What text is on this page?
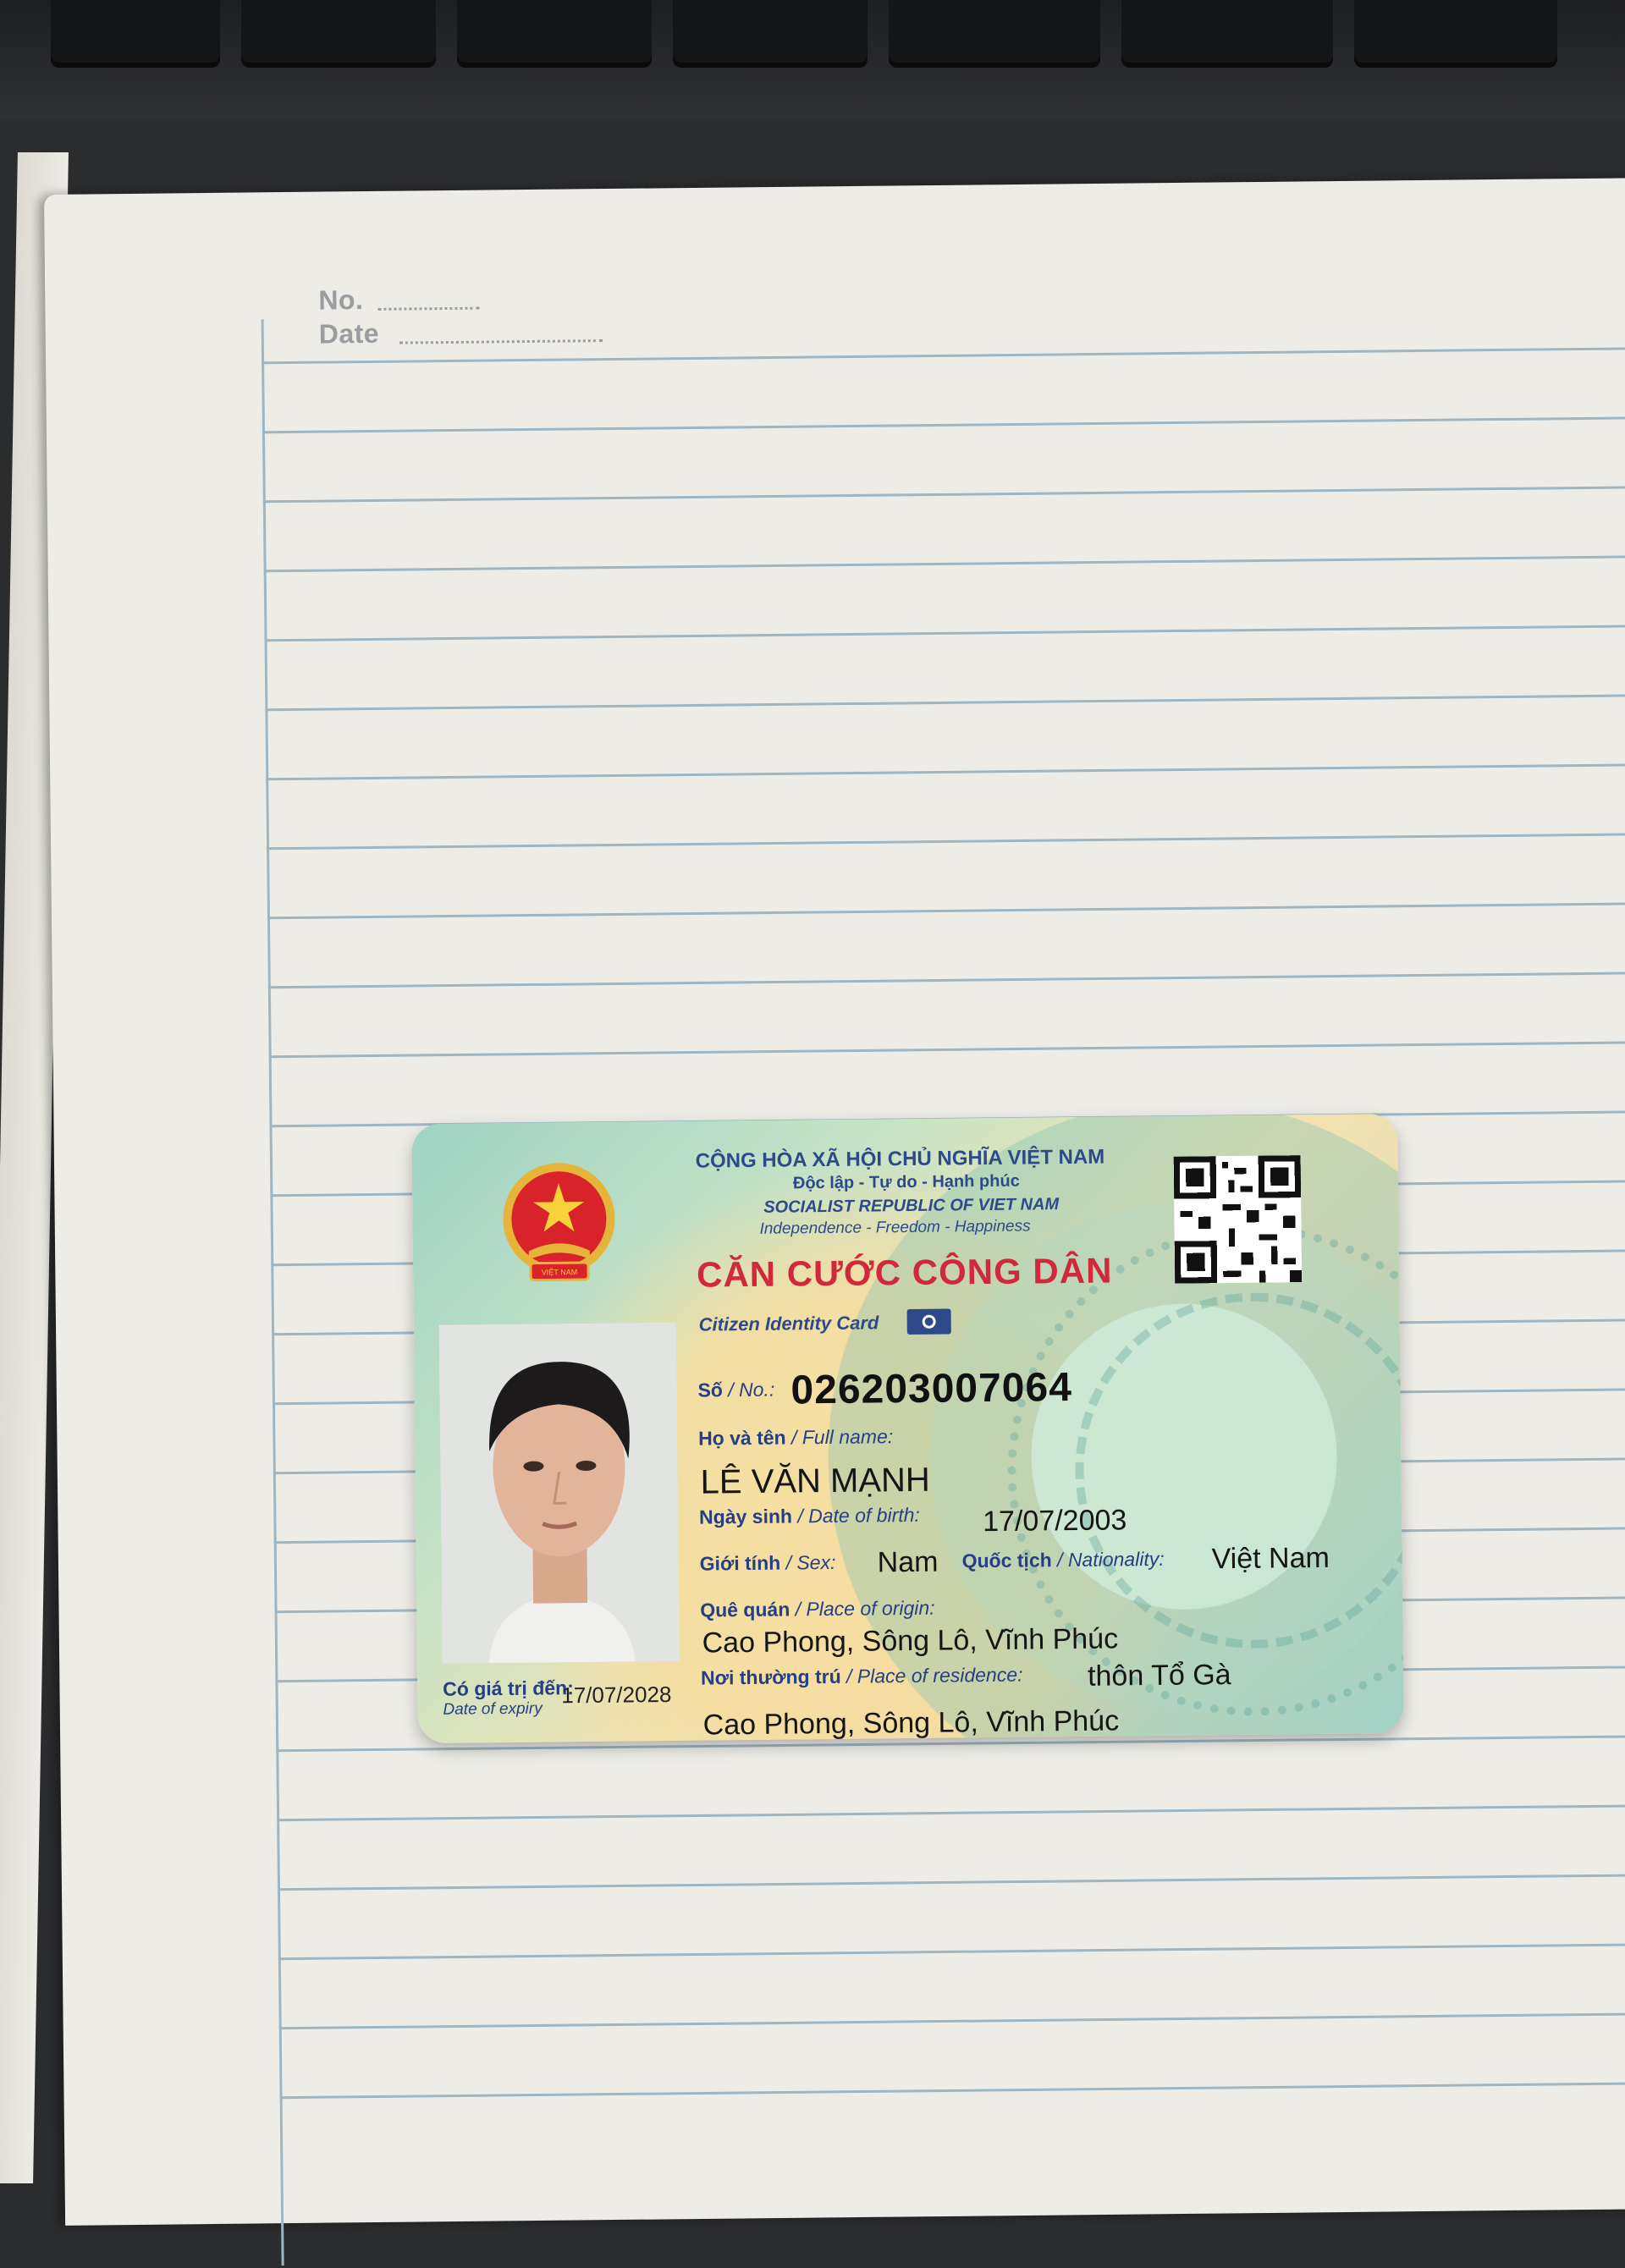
No.
Date
VIỆT NAM
CỘNG HÒA XÃ HỘI CHỦ NGHĨA VIỆT NAM
Độc lập - Tự do - Hạnh phúc
SOCIALIST REPUBLIC OF VIET NAM
Independence - Freedom - Happiness
CĂN CƯỚC CÔNG DÂN
Citizen Identity Card
Có giá trị đến:
Date of expiry
17/07/2028
Số / No.: 026203007064
Họ và tên / Full name:
LÊ VĂN MẠNH
Ngày sinh / Date of birth: 17/07/2003
Giới tính / Sex: Nam Quốc tịch / Nationality: Việt Nam
Quê quán / Place of origin:
Cao Phong, Sông Lô, Vĩnh Phúc
Nơi thường trú / Place of residence: thôn Tổ Gà
Cao Phong, Sông Lô, Vĩnh Phúc
